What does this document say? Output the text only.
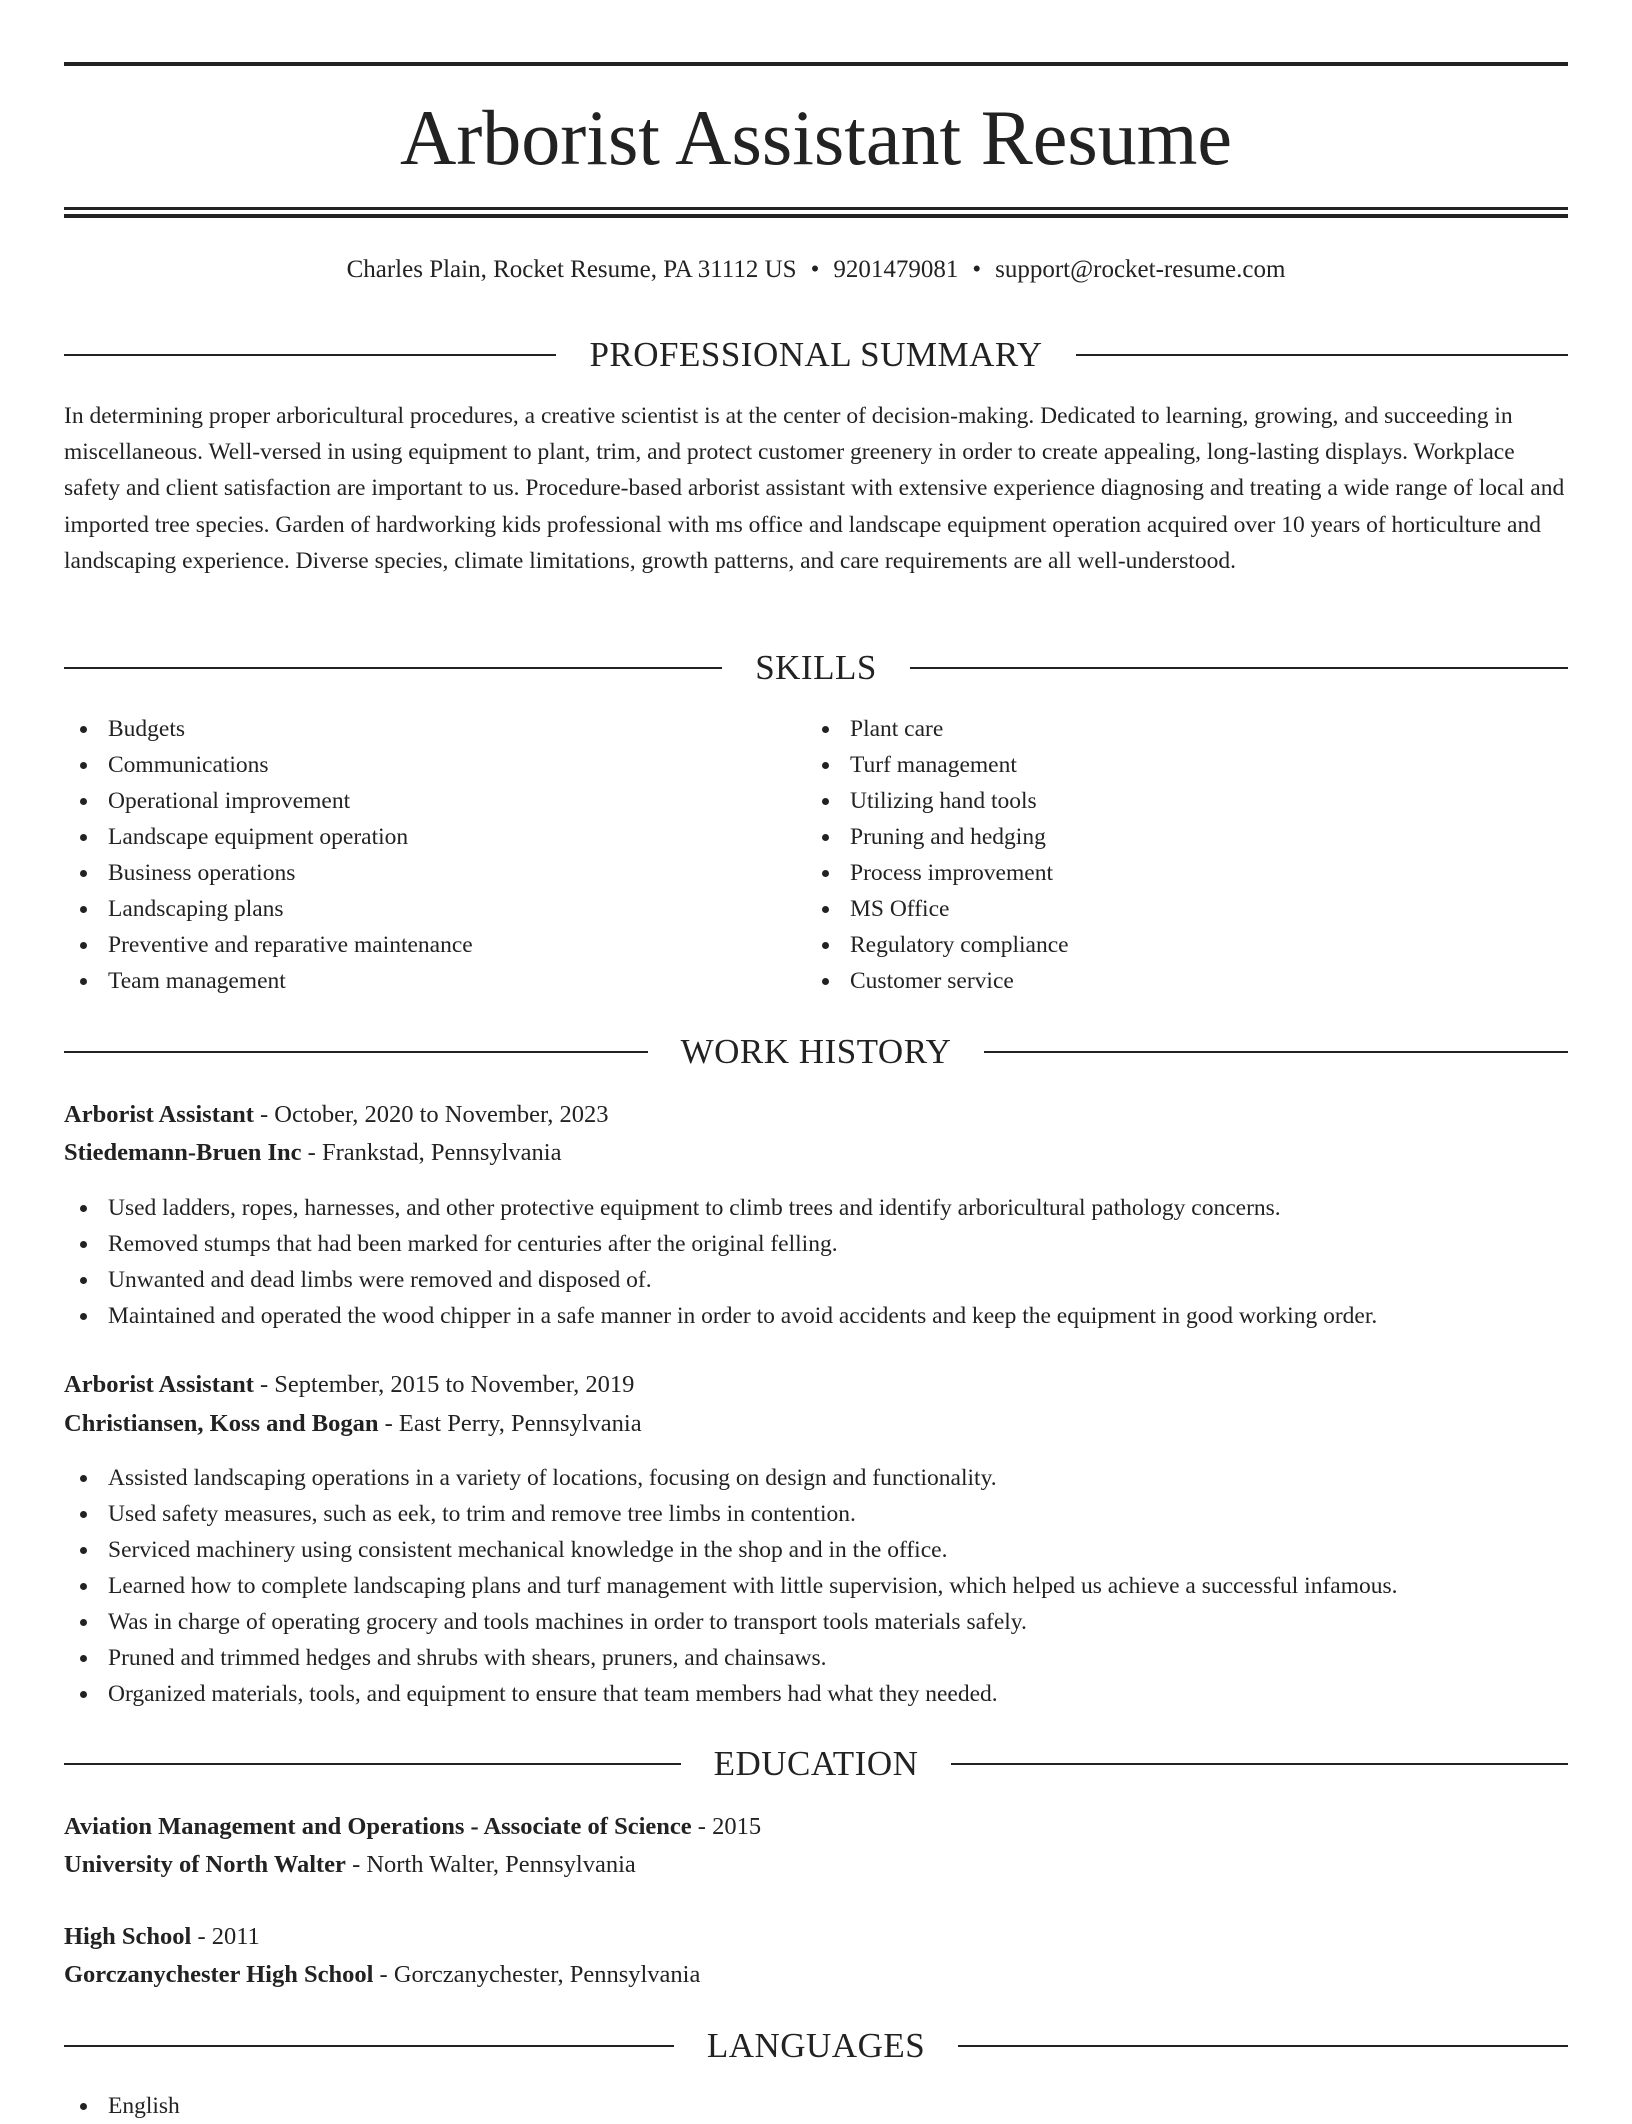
Arborist Assistant Resume
Charles Plain, Rocket Resume, PA 31112 US • 9201479081 • support@rocket-resume.com
PROFESSIONAL SUMMARY

In determining proper arboricultural procedures, a creative scientist is at the center of decision-making. Dedicated to learning, growing, and succeeding in miscellaneous. Well-versed in using equipment to plant, trim, and protect customer greenery in order to create appealing, long-lasting displays. Workplace safety and client satisfaction are important to us. Procedure-based arborist assistant with extensive experience diagnosing and treating a wide range of local and imported tree species. Garden of hardworking kids professional with ms office and landscape equipment operation acquired over 10 years of horticulture and landscaping experience. Diverse species, climate limitations, growth patterns, and care requirements are all well-understood.

SKILLS
Budgets
Communications
Operational improvement
Landscape equipment operation
Business operations
Landscaping plans
Preventive and reparative maintenance
Team management
Plant care
Turf management
Utilizing hand tools
Pruning and hedging
Process improvement
MS Office
Regulatory compliance
Customer service
WORK HISTORY
Arborist Assistant - October, 2020 to November, 2023
Stiedemann-Bruen Inc - Frankstad, Pennsylvania
Used ladders, ropes, harnesses, and other protective equipment to climb trees and identify arboricultural pathology concerns.
Removed stumps that had been marked for centuries after the original felling.
Unwanted and dead limbs were removed and disposed of.
Maintained and operated the wood chipper in a safe manner in order to avoid accidents and keep the equipment in good working order.
Arborist Assistant - September, 2015 to November, 2019
Christiansen, Koss and Bogan - East Perry, Pennsylvania
Assisted landscaping operations in a variety of locations, focusing on design and functionality.
Used safety measures, such as eek, to trim and remove tree limbs in contention.
Serviced machinery using consistent mechanical knowledge in the shop and in the office.
Learned how to complete landscaping plans and turf management with little supervision, which helped us achieve a successful infamous.
Was in charge of operating grocery and tools machines in order to transport tools materials safely.
Pruned and trimmed hedges and shrubs with shears, pruners, and chainsaws.
Organized materials, tools, and equipment to ensure that team members had what they needed.
EDUCATION
Aviation Management and Operations - Associate of Science - 2015
University of North Walter - North Walter, Pennsylvania
High School - 2011
Gorczanychester High School - Gorczanychester, Pennsylvania
LANGUAGES
English
